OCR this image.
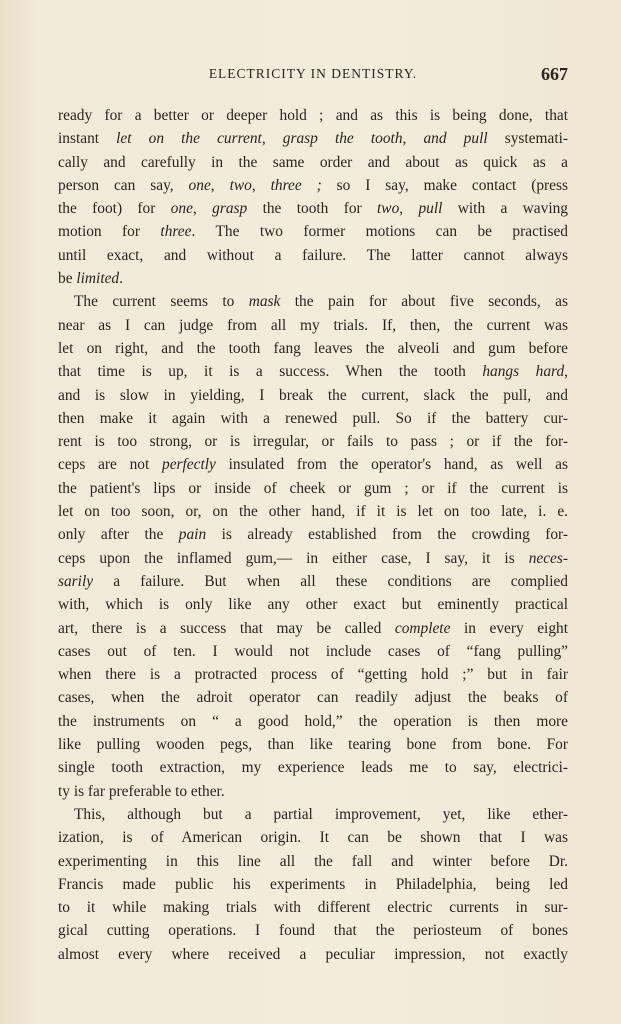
ELECTRICITY IN DENTISTRY.	667
ready for a better or deeper hold ; and as this is being done, that
instant let on the current, grasp the tooth, and pull systemati-
cally and carefully in the same order and about as quick as a
person can say, one, two, three ; so I say, make contact (press
the foot) for one, grasp the tooth for two, pull with a waving
motion for three. The two former motions can be practised
until exact, and without a failure. The latter cannot always
be limited.
The current seems to mask the pain for about five seconds, as
near as I can judge from all my trials. If, then, the current was
let on right, and the tooth fang leaves the alveoli and gum before
that time is up, it is a success. When the tooth hangs hard,
and is slow in yielding, I break the current, slack the pull, and
then make it again with a renewed pull. So if the battery cur-
rent is too strong, or is irregular, or fails to pass ; or if the for-
ceps are not perfectly insulated from the operator's hand, as well as
the patient's lips or inside of cheek or gum ; or if the current is
let on too soon, or, on the other hand, if it is let on too late, i. e.
only after the pain is already established from the crowding for-
ceps upon the inflamed gum,— in either case, I say, it is neces-
sarily a failure. But when all these conditions are complied
with, which is only like any other exact but eminently practical
art, there is a success that may be called complete in every eight
cases out of ten. I would not include cases of “fang pulling”
when there is a protracted process of “getting hold ;” but in fair
cases, when the adroit operator can readily adjust the beaks of
the instruments on “ a good hold,” the operation is then more
like pulling wooden pegs, than like tearing bone from bone. For
single tooth extraction, my experience leads me to say, electrici-
ty is far preferable to ether.
This, although but a partial improvement, yet, like ether-
ization, is of American origin. It can be shown that I was
experimenting in this line all the fall and winter before Dr.
Francis made public his experiments in Philadelphia, being led
to it while making trials with different electric currents in sur-
gical cutting operations. I found that the periosteum of bones
almost every where received a peculiar impression, not exactly
